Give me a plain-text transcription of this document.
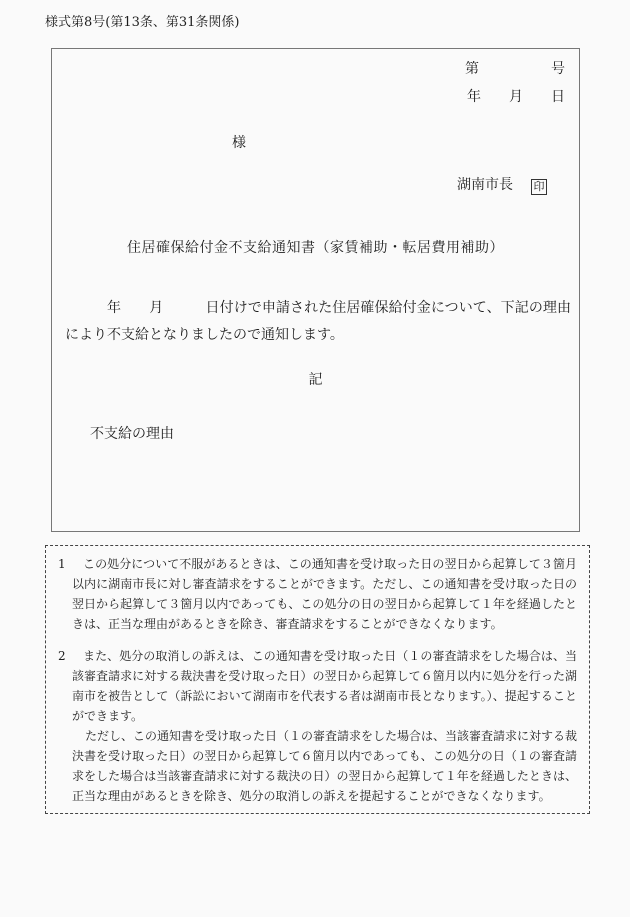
様式第8号(第13条、第31条関係)
第	号
年 月 日
様
湖南市長 印
住居確保給付金不支給通知書（家賃補助・転居費用補助）
年　　月　　　日付けで申請された住居確保給付金について、下記の理由により不支給となりましたので通知します。
記
不支給の理由

1 この処分について不服があるときは、この通知書を受け取った日の翌日から起算して３箇月以内に湖南市長に対し審査請求をすることができます。ただし、この通知書を受け取った日の翌日から起算して３箇月以内であっても、この処分の日の翌日から起算して１年を経過したときは、正当な理由があるときを除き、審査請求をすることができなくなります。

2 また、処分の取消しの訴えは、この通知書を受け取った日（１の審査請求をした場合は、当該審査請求に対する裁決書を受け取った日）の翌日から起算して６箇月以内に処分を行った湖南市を被告として（訴訟において湖南市を代表する者は湖南市長となります。）、提起することができます。

ただし、この通知書を受け取った日（１の審査請求をした場合は、当該審査請求に対する裁決書を受け取った日）の翌日から起算して６箇月以内であっても、この処分の日（１の審査請求をした場合は当該審査請求に対する裁決の日）の翌日から起算して１年を経過したときは、正当な理由があるときを除き、処分の取消しの訴えを提起することができなくなります。
